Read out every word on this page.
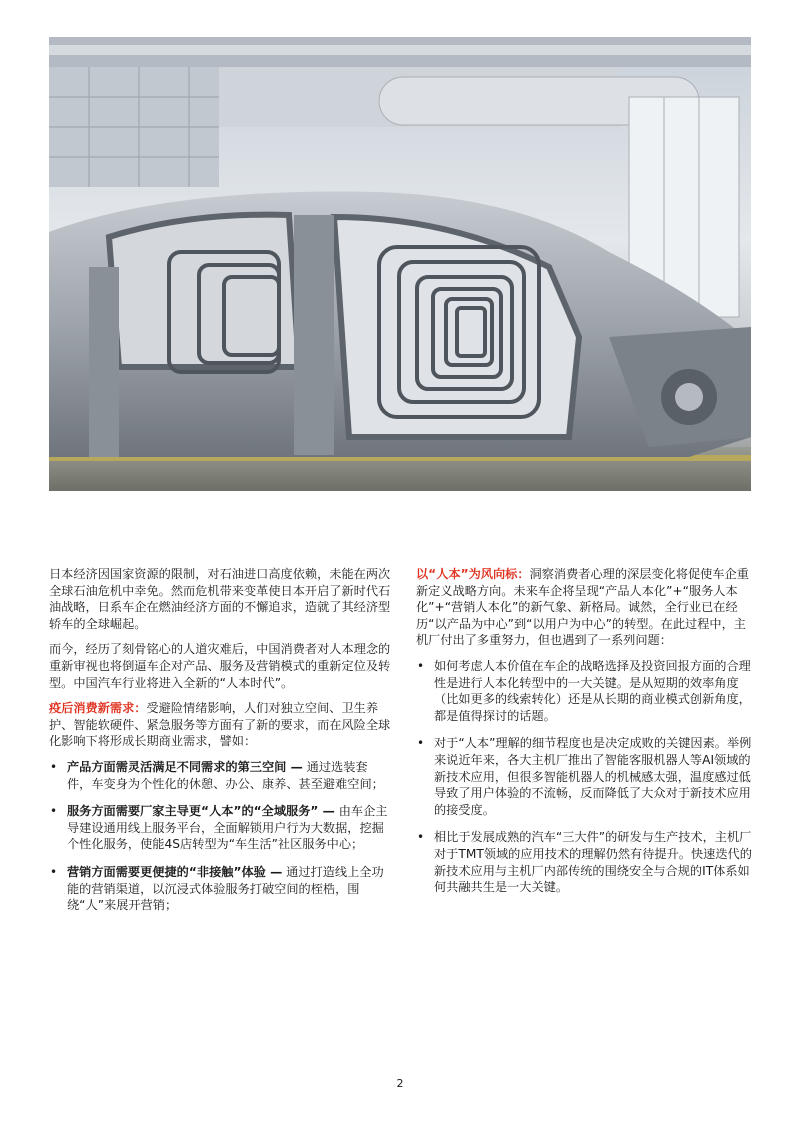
日本经济因国家资源的限制，对石油进口高度依赖，未能在两次全球石油危机中幸免。然而危机带来变革使日本开启了新时代石油战略，日系车企在燃油经济方面的不懈追求，造就了其经济型轿车的全球崛起。

而今，经历了刻骨铭心的人道灾难后，中国消费者对人本理念的重新审视也将倒逼车企对产品、服务及营销模式的重新定位及转型。中国汽车行业将进入全新的“人本时代”。

疫后消费新需求：受避险情绪影响，人们对独立空间、卫生养护、智能软硬件、紧急服务等方面有了新的要求，而在风险全球化影响下将形成长期商业需求，譬如：

• 产品方面需灵活满足不同需求的第三空间 — 通过选装套件，车变身为个性化的休憩、办公、康养、甚至避难空间；
• 服务方面需要厂家主导更“人本”的“全域服务” — 由车企主导建设通用线上服务平台，全面解锁用户行为大数据，挖掘个性化服务，使能4S店转型为“车生活”社区服务中心；
• 营销方面需要更便捷的“非接触”体验 — 通过打造线上全功能的营销渠道，以沉浸式体验服务打破空间的桎梏，围绕“人”来展开营销；

以“人本”为风向标：洞察消费者心理的深层变化将促使车企重新定义战略方向。未来车企将呈现“产品人本化”+“服务人本化”+“营销人本化”的新气象、新格局。诚然，全行业已在经历“以产品为中心”到“以用户为中心”的转型。在此过程中，主机厂付出了多重努力，但也遇到了一系列问题：

• 如何考虑人本价值在车企的战略选择及投资回报方面的合理性是进行人本化转型中的一大关键。是从短期的效率角度（比如更多的线索转化）还是从长期的商业模式创新角度，都是值得探讨的话题。
• 对于“人本”理解的细节程度也是决定成败的关键因素。举例来说近年来，各大主机厂推出了智能客服机器人等AI领域的新技术应用，但很多智能机器人的机械感太强，温度感过低导致了用户体验的不流畅，反而降低了大众对于新技术应用的接受度。
• 相比于发展成熟的汽车“三大件”的研发与生产技术，主机厂对于TMT领域的应用技术的理解仍然有待提升。快速迭代的新技术应用与主机厂内部传统的围绕安全与合规的IT体系如何共融共生是一大关键。
2
